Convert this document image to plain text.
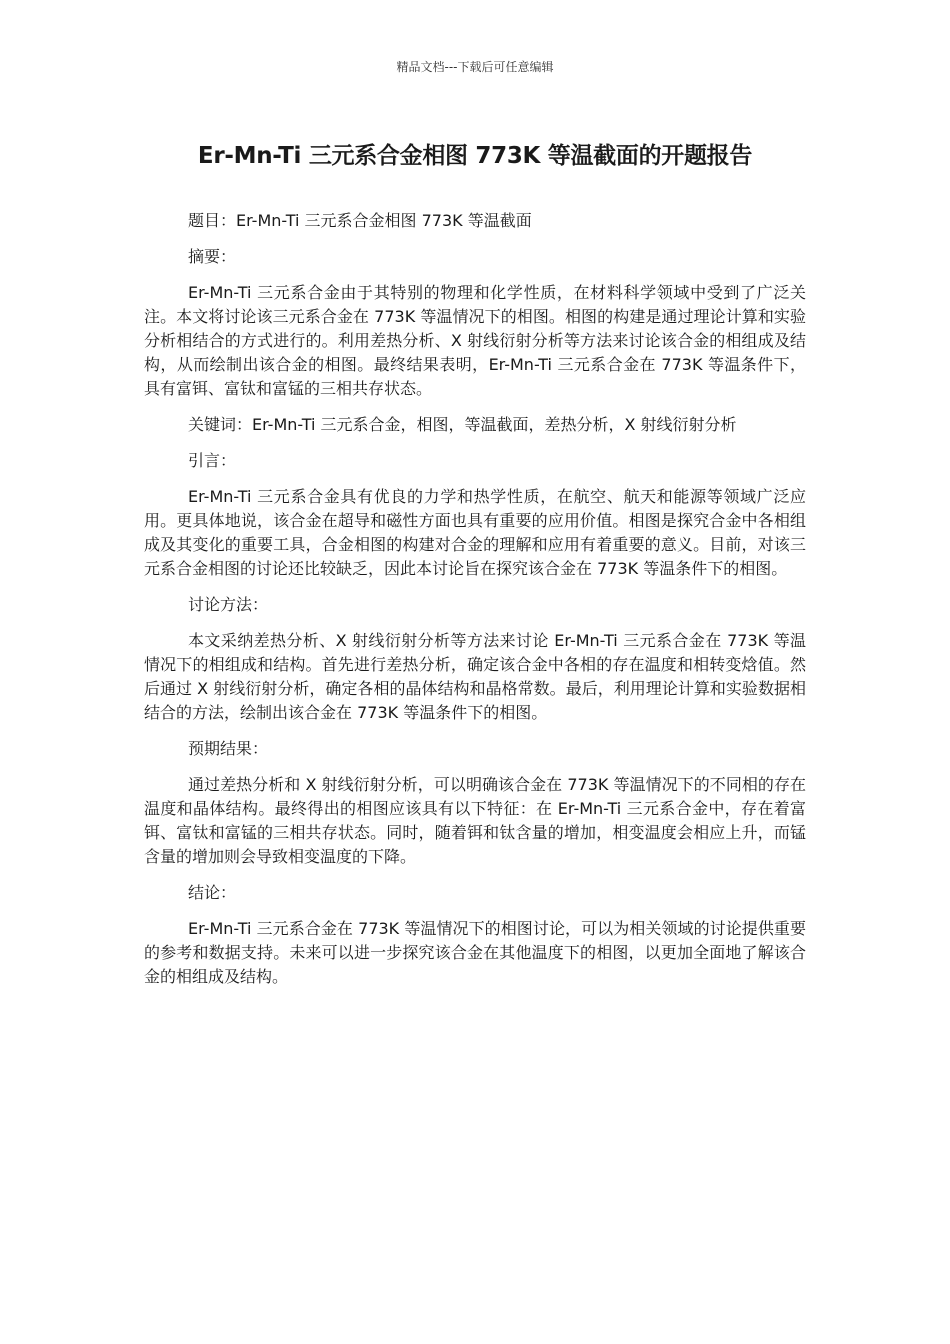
精品文档---下载后可任意编辑
Er-Mn-Ti 三元系合金相图 773K 等温截面的开题报告

题目：Er-Mn-Ti 三元系合金相图 773K 等温截面

摘要：

Er-Mn-Ti 三元系合金由于其特别的物理和化学性质，在材料科学领域中受到了广泛关注。本文将讨论该三元系合金在 773K 等温情况下的相图。相图的构建是通过理论计算和实验分析相结合的方式进行的。利用差热分析、X 射线衍射分析等方法来讨论该合金的相组成及结构，从而绘制出该合金的相图。最终结果表明，Er-Mn-Ti 三元系合金在 773K 等温条件下，具有富铒、富钛和富锰的三相共存状态。

关键词：Er-Mn-Ti 三元系合金，相图，等温截面，差热分析，X 射线衍射分析

引言：

Er-Mn-Ti 三元系合金具有优良的力学和热学性质，在航空、航天和能源等领域广泛应用。更具体地说，该合金在超导和磁性方面也具有重要的应用价值。相图是探究合金中各相组成及其变化的重要工具，合金相图的构建对合金的理解和应用有着重要的意义。目前，对该三元系合金相图的讨论还比较缺乏，因此本讨论旨在探究该合金在 773K 等温条件下的相图。

讨论方法：

本文采纳差热分析、X 射线衍射分析等方法来讨论 Er-Mn-Ti 三元系合金在 773K 等温情况下的相组成和结构。首先进行差热分析，确定该合金中各相的存在温度和相转变焓值。然后通过 X 射线衍射分析，确定各相的晶体结构和晶格常数。最后，利用理论计算和实验数据相结合的方法，绘制出该合金在 773K 等温条件下的相图。

预期结果：

通过差热分析和 X 射线衍射分析，可以明确该合金在 773K 等温情况下的不同相的存在温度和晶体结构。最终得出的相图应该具有以下特征：在 Er-Mn-Ti 三元系合金中，存在着富铒、富钛和富锰的三相共存状态。同时，随着铒和钛含量的增加，相变温度会相应上升，而锰含量的增加则会导致相变温度的下降。

结论：

Er-Mn-Ti 三元系合金在 773K 等温情况下的相图讨论，可以为相关领域的讨论提供重要的参考和数据支持。未来可以进一步探究该合金在其他温度下的相图，以更加全面地了解该合金的相组成及结构。
